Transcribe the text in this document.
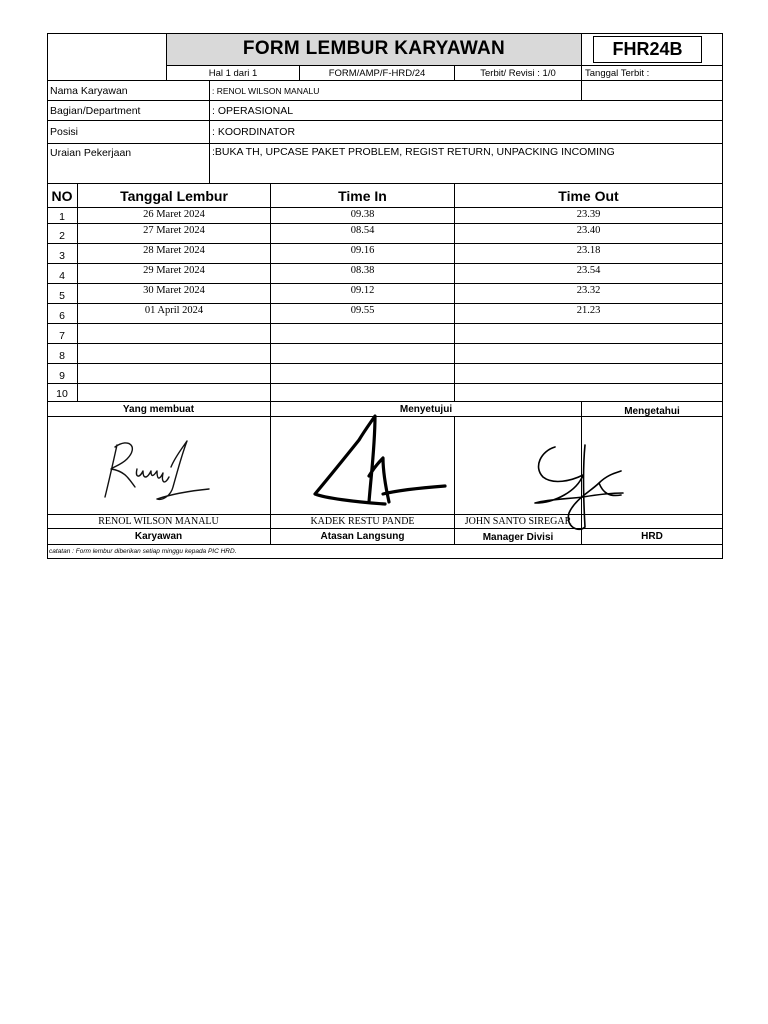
FORM LEMBUR KARYAWAN	FHR24B
Hal 1 dari 1	FORM/AMP/F-HRD/24	Terbit/ Revisi : 1/0	Tanggal Terbit :
Nama Karyawan	: RENOL WILSON MANALU
Bagian/Department	: OPERASIONAL
Posisi	: KOORDINATOR
Uraian Pekerjaan	:BUKA TH, UPCASE PAKET PROBLEM, REGIST RETURN, UNPACKING INCOMING
NO	Tanggal Lembur	Time In	Time Out
1	26 Maret 2024	09.38	23.39
2	27 Maret 2024	08.54	23.40
3	28 Maret 2024	09.16	23.18
4	29 Maret 2024	08.38	23.54
5	30 Maret 2024	09.12	23.32
6	01 April 2024	09.55	21.23
7
8
9
10
Yang membuat	Menyetujui	Mengetahui
RENOL WILSON MANALU	KADEK RESTU PANDE	JOHN SANTO SIREGAR
Karyawan	Atasan Langsung	Manager Divisi	HRD
catatan : Form lembur diberikan setiap minggu kepada PIC HRD.
